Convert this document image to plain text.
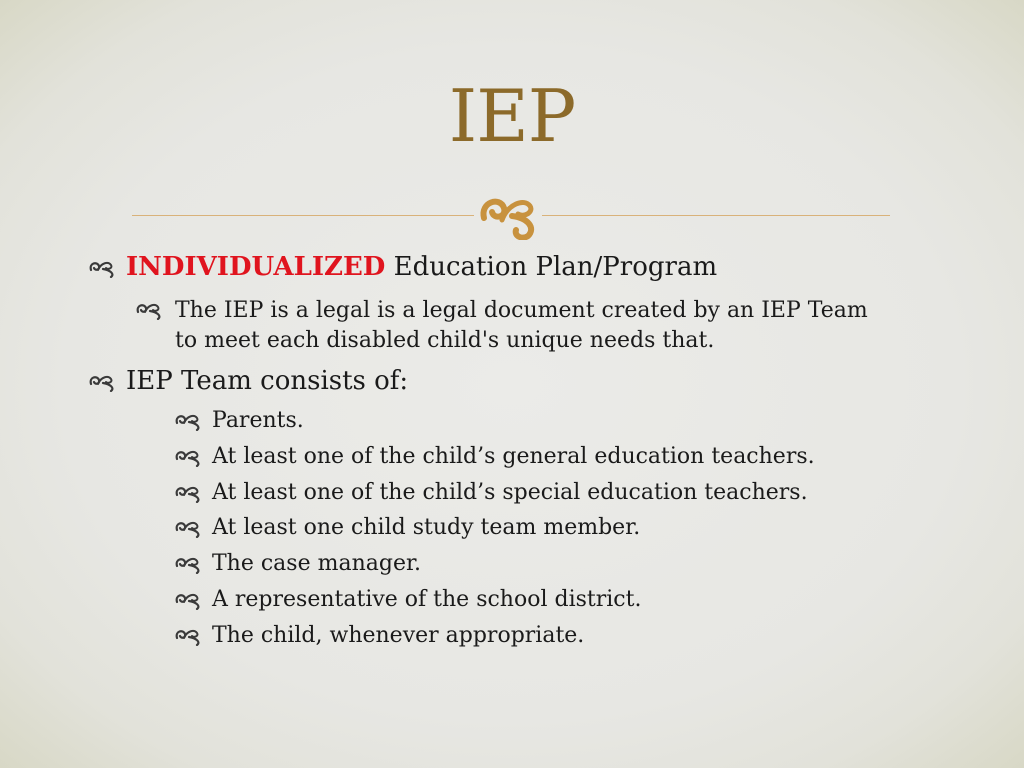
IEP
INDIVIDUALIZED Education Plan/Program
The IEP is a legal is a legal document created by an IEP Team to meet each disabled child's unique needs that.
IEP Team consists of:
Parents.
At least one of the child’s general education teachers.
At least one of the child’s special education teachers.
At least one child study team member.
The case manager.
A representative of the school district.
The child, whenever appropriate.
